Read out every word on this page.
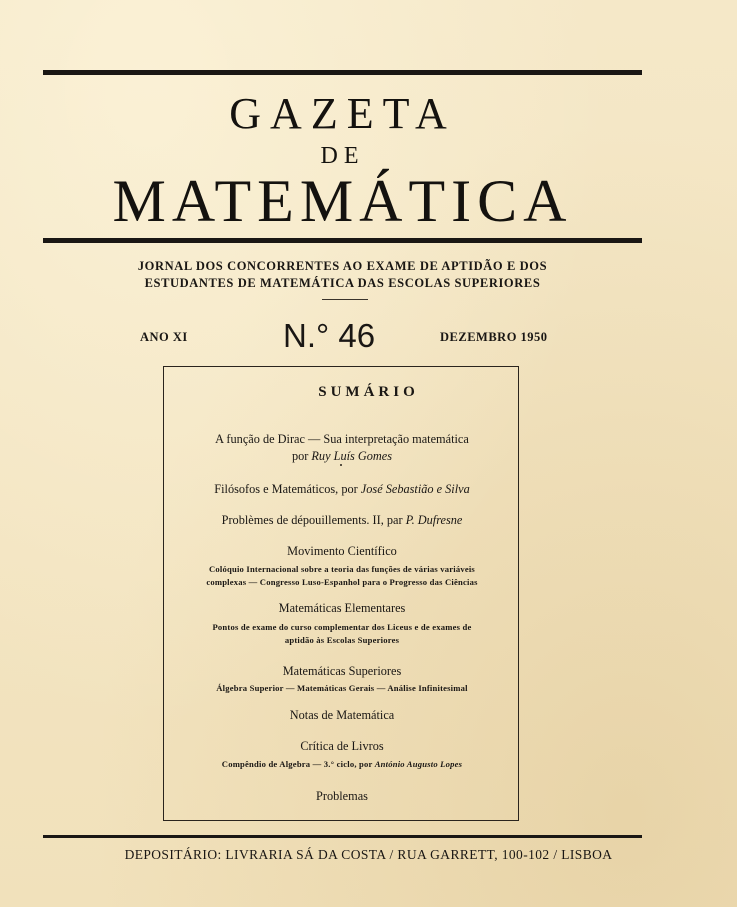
GAZETA
DE
MATEMÁTICA
JORNAL DOS CONCORRENTES AO EXAME DE APTIDÃO E DOS
ESTUDANTES DE MATEMÁTICA DAS ESCOLAS SUPERIORES
ANO XI	N.° 46	DEZEMBRO 1950
SUMÁRIO
A função de Dirac — Sua interpretação matemática
por Ruy Luís Gomes
Filósofos e Matemáticos, por José Sebastião e Silva
Problèmes de dépouillements. II, par P. Dufresne
Movimento Científico
Colóquio Internacional sobre a teoria das funções de várias variáveis
complexas — Congresso Luso-Espanhol para o Progresso das Ciências
Matemáticas Elementares
Pontos de exame do curso complementar dos Liceus e de exames de
aptidão às Escolas Superiores
Matemáticas Superiores
Álgebra Superior — Matemáticas Gerais — Análise Infinitesimal
Notas de Matemática
Crítica de Livros
Compêndio de Algebra — 3.° ciclo, por António Augusto Lopes
Problemas
DEPOSITÁRIO: LIVRARIA SÁ DA COSTA / RUA GARRETT, 100-102 / LISBOA
